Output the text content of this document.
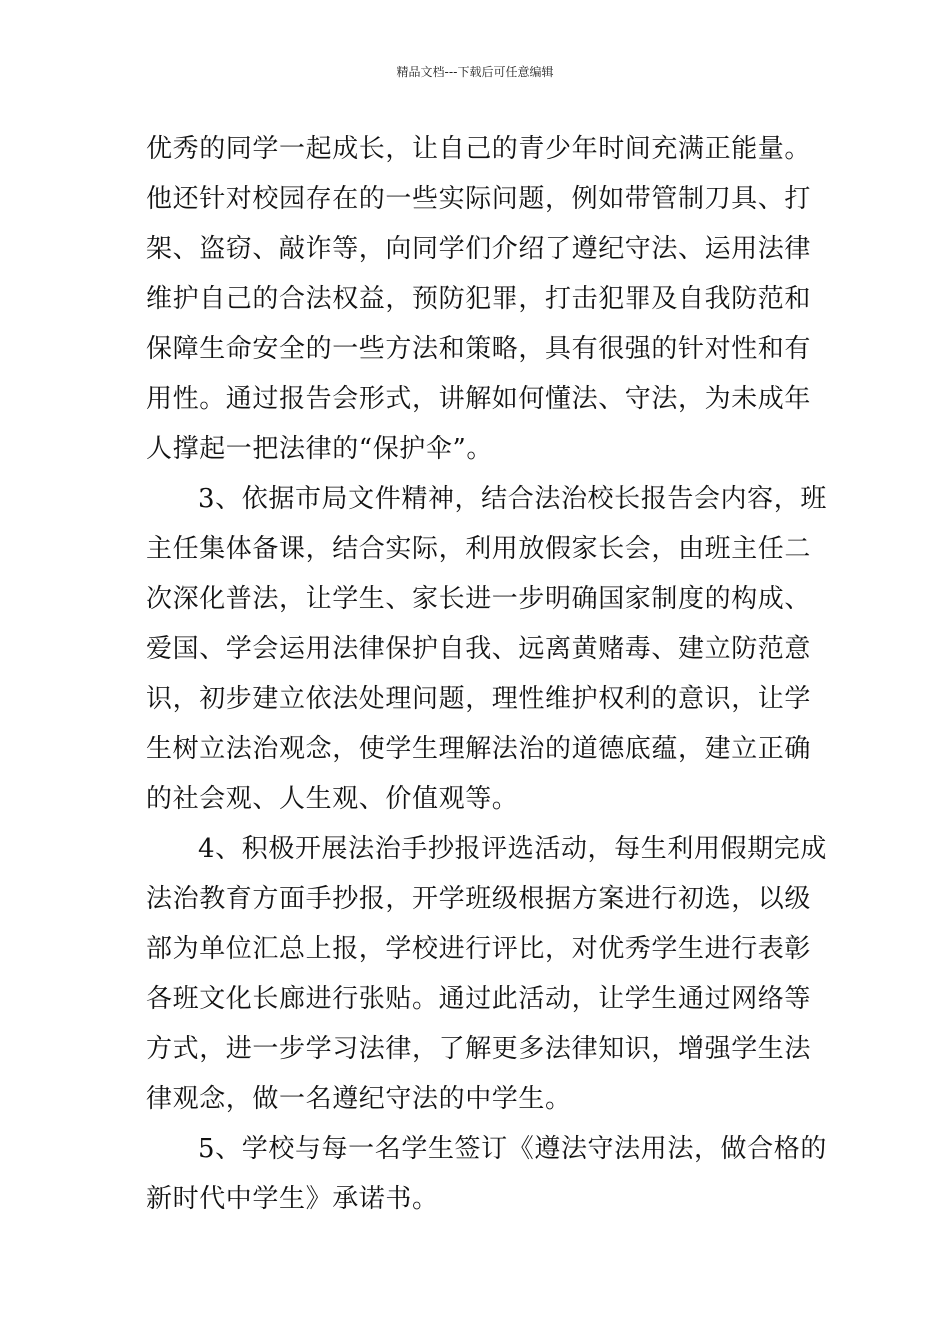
精品文档---下载后可任意编辑
优秀的同学一起成长，让自己的青少年时间充满正能量。
他还针对校园存在的一些实际问题，例如带管制刀具、打
架、盗窃、敲诈等，向同学们介绍了遵纪守法、运用法律
维护自己的合法权益，预防犯罪，打击犯罪及自我防范和
保障生命安全的一些方法和策略，具有很强的针对性和有
用性。通过报告会形式，讲解如何懂法、守法，为未成年
人撑起一把法律的“保护伞”。
3、依据市局文件精神，结合法治校长报告会内容，班
主任集体备课，结合实际，利用放假家长会，由班主任二
次深化普法，让学生、家长进一步明确国家制度的构成、
爱国、学会运用法律保护自我、远离黄赌毒、建立防范意
识，初步建立依法处理问题，理性维护权利的意识，让学
生树立法治观念，使学生理解法治的道德底蕴，建立正确
的社会观、人生观、价值观等。
4、积极开展法治手抄报评选活动，每生利用假期完成
法治教育方面手抄报，开学班级根据方案进行初选，以级
部为单位汇总上报，学校进行评比，对优秀学生进行表彰
各班文化长廊进行张贴。通过此活动，让学生通过网络等
方式，进一步学习法律，了解更多法律知识，增强学生法
律观念，做一名遵纪守法的中学生。
5、学校与每一名学生签订《遵法守法用法，做合格的
新时代中学生》承诺书。
